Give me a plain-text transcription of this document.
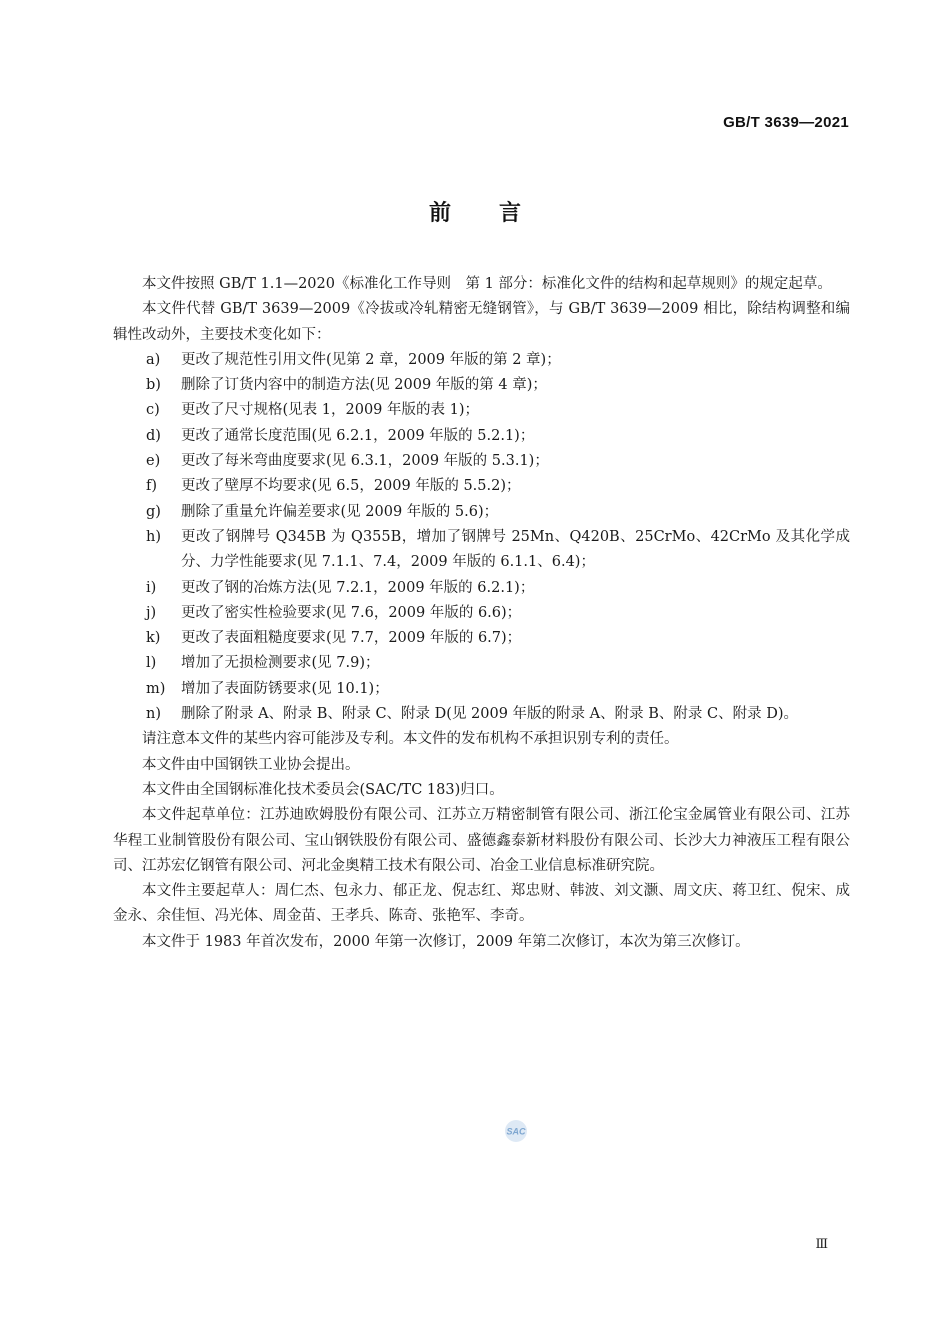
GB/T 3639—2021
前言

本文件按照 GB/T 1.1—2020《标准化工作导则　第 1 部分：标准化文件的结构和起草规则》的规定起草。

本文件代替 GB/T 3639—2009《冷拔或冷轧精密无缝钢管》，与 GB/T 3639—2009 相比，除结构调整和编辑性改动外，主要技术变化如下：

a)	更改了规范性引用文件(见第 2 章，2009 年版的第 2 章)；
b)	删除了订货内容中的制造方法(见 2009 年版的第 4 章)；
c)	更改了尺寸规格(见表 1，2009 年版的表 1)；
d)	更改了通常长度范围(见 6.2.1，2009 年版的 5.2.1)；
e)	更改了每米弯曲度要求(见 6.3.1，2009 年版的 5.3.1)；
f)	更改了壁厚不均要求(见 6.5，2009 年版的 5.5.2)；
g)	删除了重量允许偏差要求(见 2009 年版的 5.6)；
h)	更改了钢牌号 Q345B 为 Q355B，增加了钢牌号 25Mn、Q420B、25CrMo、42CrMo 及其化学成分、力学性能要求(见 7.1.1、7.4，2009 年版的 6.1.1、6.4)；
i)	更改了钢的冶炼方法(见 7.2.1，2009 年版的 6.2.1)；
j)	更改了密实性检验要求(见 7.6，2009 年版的 6.6)；
k)	更改了表面粗糙度要求(见 7.7，2009 年版的 6.7)；
l)	增加了无损检测要求(见 7.9)；
m)	增加了表面防锈要求(见 10.1)；
n)	删除了附录 A、附录 B、附录 C、附录 D(见 2009 年版的附录 A、附录 B、附录 C、附录 D)。

请注意本文件的某些内容可能涉及专利。本文件的发布机构不承担识别专利的责任。

本文件由中国钢铁工业协会提出。

本文件由全国钢标准化技术委员会(SAC/TC 183)归口。

本文件起草单位：江苏迪欧姆股份有限公司、江苏立万精密制管有限公司、浙江伦宝金属管业有限公司、江苏华程工业制管股份有限公司、宝山钢铁股份有限公司、盛德鑫泰新材料股份有限公司、长沙大力神液压工程有限公司、江苏宏亿钢管有限公司、河北金奥精工技术有限公司、冶金工业信息标准研究院。

本文件主要起草人：周仁杰、包永力、郁正龙、倪志红、郑忠财、韩波、刘文灏、周文庆、蒋卫红、倪宋、成金永、余佳恒、冯光体、周金苗、王孝兵、陈奇、张艳军、李奇。

本文件于 1983 年首次发布，2000 年第一次修订，2009 年第二次修订，本次为第三次修订。

SAC
Ⅲ
